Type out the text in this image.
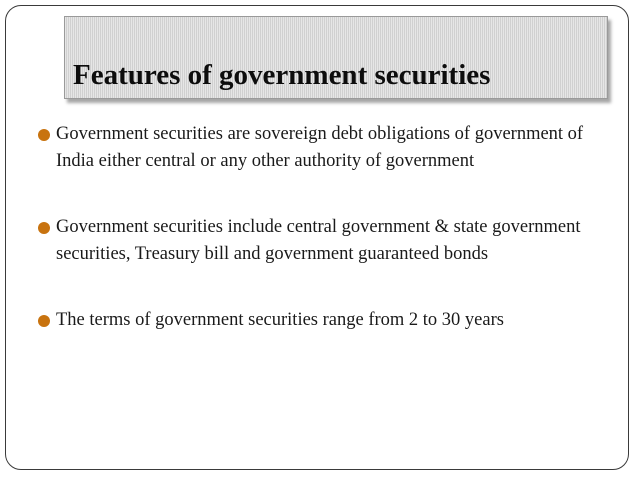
Features of government securities
Government securities are sovereign debt obligations of government of India either central or any other authority of government
Government securities include central government & state government securities, Treasury bill and government guaranteed bonds
The terms of government securities range from 2 to 30 years
